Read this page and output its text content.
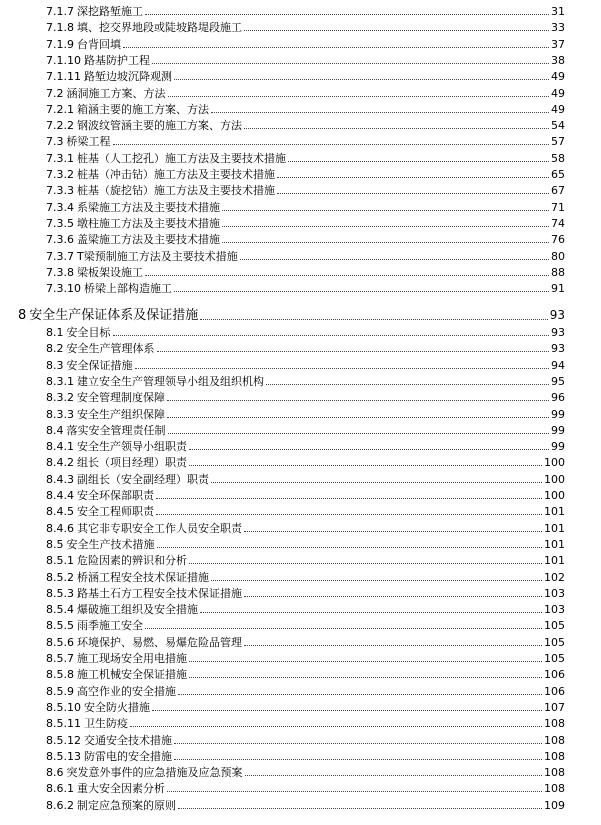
7.1.7 深挖路堑施工	31
7.1.8 填、挖交界地段或陡坡路堤段施工	33
7.1.9 台背回填	37
7.1.10 路基防护工程	38
7.1.11 路堑边坡沉降观测	49
7.2 涵洞施工方案、方法	49
7.2.1 箱涵主要的施工方案、方法	49
7.2.2 钢波纹管涵主要的施工方案、方法	54
7.3 桥梁工程	57
7.3.1 桩基（人工挖孔）施工方法及主要技术措施	58
7.3.2 桩基（冲击钻）施工方法及主要技术措施	65
7.3.3 桩基（旋挖钻）施工方法及主要技术措施	67
7.3.4 系梁施工方法及主要技术措施	71
7.3.5 墩柱施工方法及主要技术措施	74
7.3.6 盖梁施工方法及主要技术措施	76
7.3.7 T梁预制施工方法及主要技术措施	80
7.3.8 梁板架设施工	88
7.3.10 桥梁上部构造施工	91
8 安全生产保证体系及保证措施	93
8.1 安全目标	93
8.2 安全生产管理体系	93
8.3 安全保证措施	94
8.3.1 建立安全生产管理领导小组及组织机构	95
8.3.2 安全管理制度保障	96
8.3.3 安全生产组织保障	99
8.4 落实安全管理责任制	99
8.4.1 安全生产领导小组职责	99
8.4.2 组长（项目经理）职责	100
8.4.3 副组长（安全副经理）职责	100
8.4.4 安全环保部职责	100
8.4.5 安全工程师职责	101
8.4.6 其它非专职安全工作人员安全职责	101
8.5 安全生产技术措施	101
8.5.1 危险因素的辨识和分析	101
8.5.2 桥涵工程安全技术保证措施	102
8.5.3 路基土石方工程安全技术保证措施	103
8.5.4 爆破施工组织及安全措施	103
8.5.5 雨季施工安全	105
8.5.6 环境保护、易燃、易爆危险品管理	105
8.5.7 施工现场安全用电措施	105
8.5.8 施工机械安全保证措施	106
8.5.9 高空作业的安全措施	106
8.5.10 安全防火措施	107
8.5.11 卫生防疫	108
8.5.12 交通安全技术措施	108
8.5.13 防雷电的安全措施	108
8.6 突发意外事件的应急措施及应急预案	108
8.6.1 重大安全因素分析	108
8.6.2 制定应急预案的原则	109
